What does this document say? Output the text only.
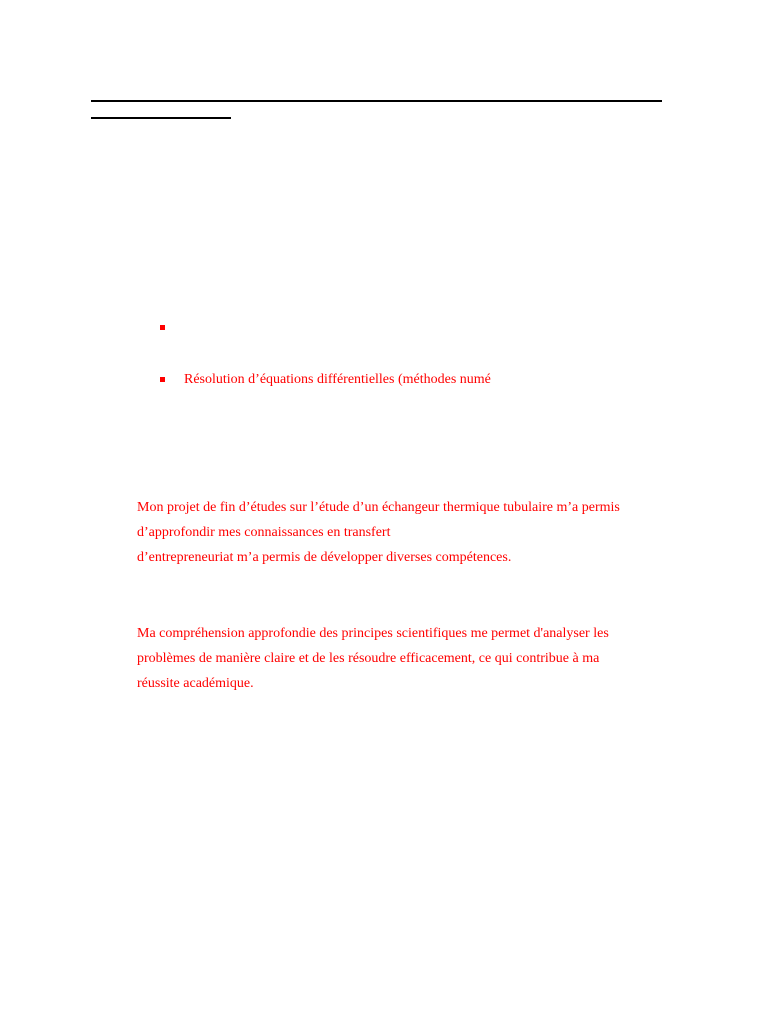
Résolution d’équations différentielles (méthodes numé

Mon projet de fin d’études sur l’étude d’un échangeur thermique tubulaire m’a permis
d’approfondir mes connaissances en transfert
d’entrepreneuriat m’a permis de développer diverses compétences.

Ma compréhension approfondie des principes scientifiques me permet d'analyser les
problèmes de manière claire et de les résoudre efficacement, ce qui contribue à ma
réussite académique.
